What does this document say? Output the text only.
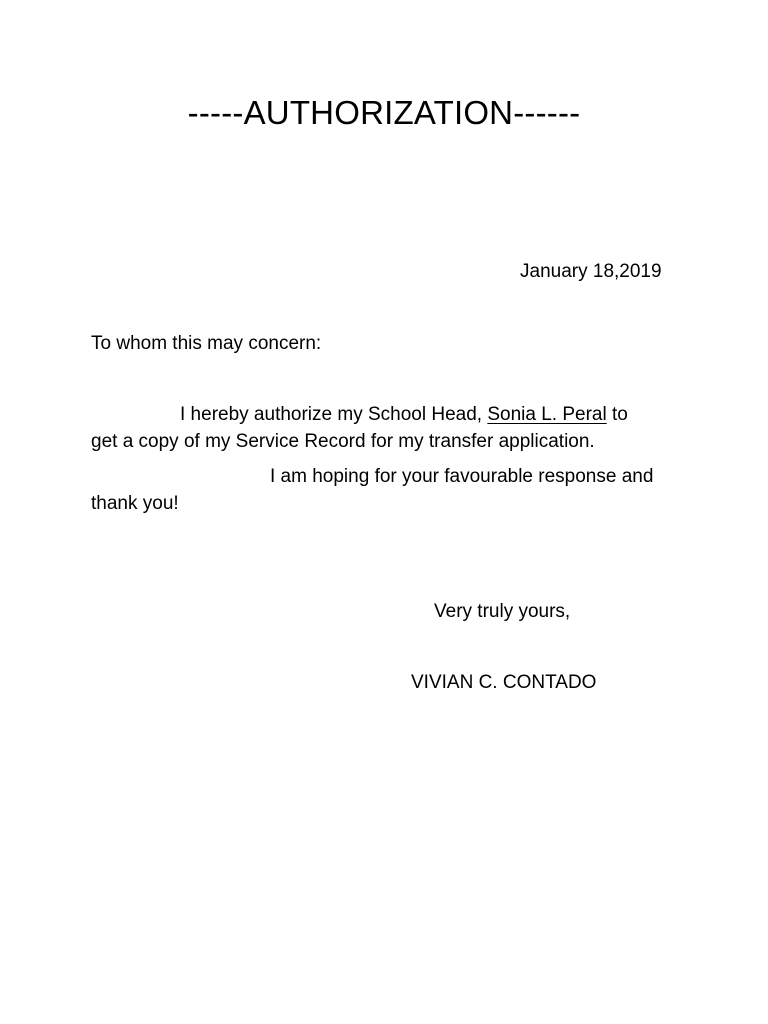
-----AUTHORIZATION------
January 18,2019
To whom this may concern:
I hereby authorize my School Head, Sonia L. Peral to
get a copy of my Service Record for my transfer application.
I am hoping for your favourable response and
thank you!
Very truly yours,
VIVIAN C. CONTADO
